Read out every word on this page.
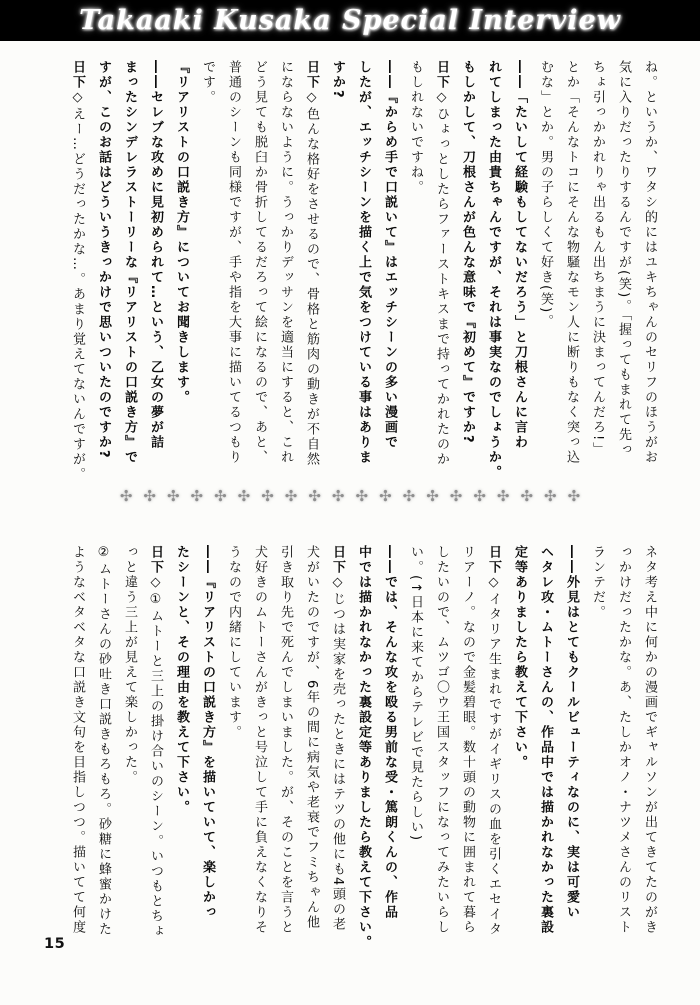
Takaaki Kusaka Special Interview
ね。というか、ワタシ的にはユキちゃんのセリフのほうがお
気に入りだったりするんですが(笑)。「握ってもまれて先っ
ちょ引っかかれりゃ出るもん出ちまうに決まってんだろ!」
とか「そんなトコにそんな物騒なモン人に断りもなく突っ込
むな」とか。男の子らしくて好き(笑)。
――「たいして経験もしてないだろう」と刀根さんに言わ
れてしまった由貴ちゃんですが、それは事実なのでしょうか。
もしかして、刀根さんが色んな意味で『初めて』ですか?
日下◇ひょっとしたらファーストキスまで持ってかれたのか
もしれないですね。
――『からめ手で口説いて』はエッチシーンの多い漫画で
したが、エッチシーンを描く上で気をつけている事はありま
すか?
日下◇色んな格好をさせるので、骨格と筋肉の動きが不自然
にならないように。うっかりデッサンを適当にすると、これ
どう見ても脱臼か骨折してるだろって絵になるので、あと、
普通のシーンも同様ですが、手や指を大事に描いてるつもり
です。
『リアリストの口説き方』についてお聞きします。
――セレブな攻めに見初められて…という、乙女の夢が詰
まったシンデレラストーリーな『リアリストの口説き方』で
すが、このお話はどういうきっかけで思いついたのですか?
日下◇えー…どうだったかな…。あまり覚えてないんですが。
✣✣✣✣✣✣✣✣✣✣✣✣✣✣✣✣✣✣✣✣
ネタ考え中に何かの漫画でギャルソンが出てきてたのがき
っかけだったかな。あ、たしかオノ・ナツメさんのリスト
ランテだ。
――外見はとてもクールビューティなのに、実は可愛い
ヘタレ攻・ムトーさんの、作品中では描かれなかった裏設
定等ありましたら教えて下さい。
日下◇イタリア生まれですがイギリスの血を引くエセイタ
リアーノ。なので金髪碧眼。数十頭の動物に囲まれて暮ら
したいので、ムツゴ〇ウ王国スタッフになってみたいらし
い。(↑日本に来てからテレビで見たらしい)
――では、そんな攻を殴る男前な受・篤朗くんの、作品
中では描かれなかった裏設定等ありましたら教えて下さい。
日下◇じつは実家を売ったときにはテツの他にも4頭の老
犬がいたのですが、6年の間に病気や老衰でフミちゃん他
引き取り先で死んでしまいました。が、そのことを言うと
犬好きのムトーさんがきっと号泣して手に負えなくなりそ
うなので内緒にしています。
――『リアリストの口説き方』を描いていて、楽しかっ
たシーンと、その理由を教えて下さい。
日下◇①ムトーと三上の掛け合いのシーン。いつもとちょ
っと違う三上が見えて楽しかった。
②ムトーさんの砂吐き口説きもろもろ。砂糖に蜂蜜かけた
ようなベタベタな口説き文句を目指しつつ。描いてて何度
15
